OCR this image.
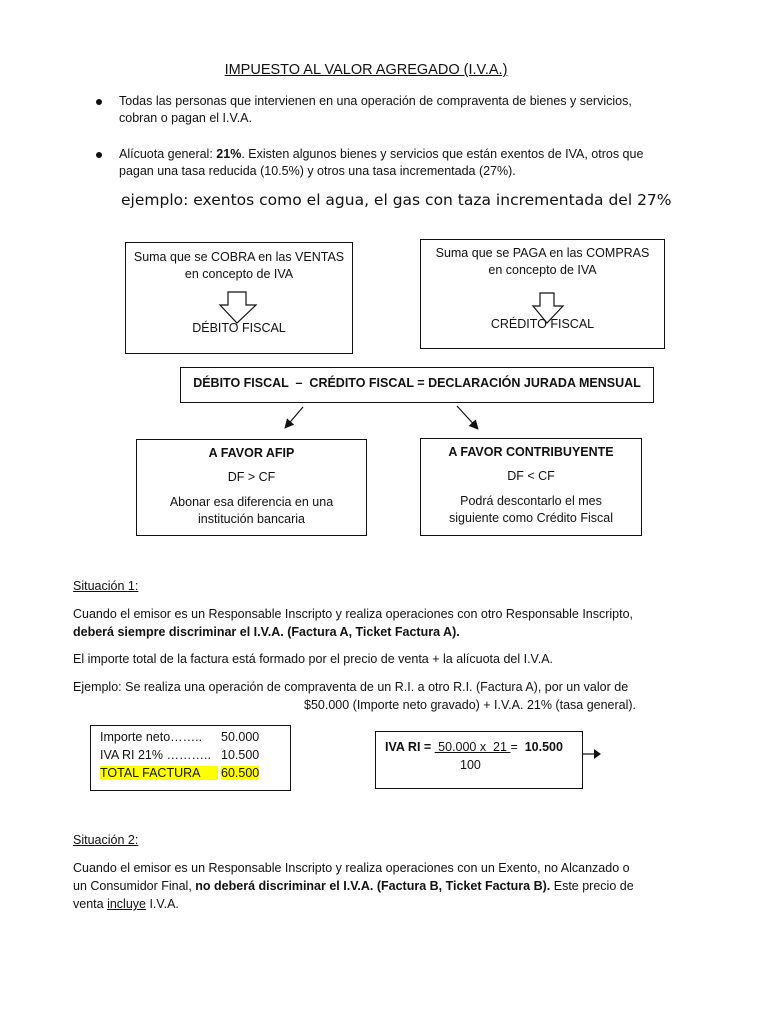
IMPUESTO AL VALOR AGREGADO (I.V.A.)
Todas las personas que intervienen en una operación de compraventa de bienes y servicios, cobran o pagan el I.V.A.
Alícuota general: 21%. Existen algunos bienes y servicios que están exentos de IVA, otros que pagan una tasa reducida (10.5%) y otros una tasa incrementada (27%).
ejemplo: exentos como el agua, el gas con taza incrementada del 27%
Suma que se COBRA en las VENTAS
en concepto de IVA
DÉBITO FISCAL
Suma que se PAGA en las COMPRAS
en concepto de IVA
CRÉDITO FISCAL
DÉBITO FISCAL  –  CRÉDITO FISCAL = DECLARACIÓN JURADA MENSUAL
A FAVOR AFIP
DF > CF
Abonar esa diferencia en una
institución bancaria
A FAVOR CONTRIBUYENTE
DF < CF
Podrá descontarlo el mes
siguiente como Crédito Fiscal
Situación 1:
Cuando el emisor es un Responsable Inscripto y realiza operaciones con otro Responsable Inscripto,
deberá siempre discriminar el I.V.A. (Factura A, Ticket Factura A).
El importe total de la factura está formado por el precio de venta + la alícuota del I.V.A.
Ejemplo: Se realiza una operación de compraventa de un R.I. a otro R.I. (Factura A), por un valor de
$50.000 (Importe neto gravado) + I.V.A. 21% (tasa general).
Importe neto…….. 50.000
IVA RI 21% ……….. 10.500
TOTAL FACTURA	60.500
IVA RI =  50.000 x  21 =  10.500
100
Situación 2:
Cuando el emisor es un Responsable Inscripto y realiza operaciones con un Exento, no Alcanzado o
un Consumidor Final, no deberá discriminar el I.V.A. (Factura B, Ticket Factura B). Este precio de
venta incluye I.V.A.
